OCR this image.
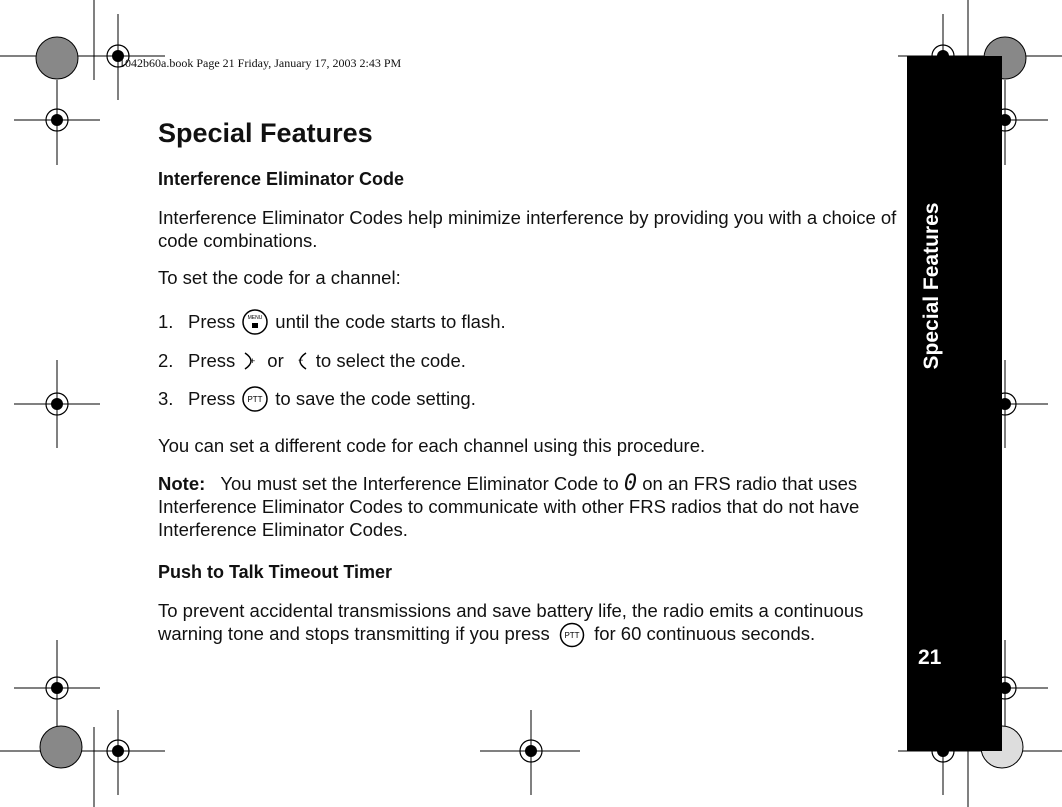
1042b60a.book Page 21 Friday, January 17, 2003 2:43 PM
Special Features
21
Special Features
Interference Eliminator Code
Interference Eliminator Codes help minimize interference by providing you with a choice of code combinations.
To set the code for a channel:
1. Press	MENU until the code starts to flash.
2. Press + or − to select the code.
3. Press PTT to save the code setting.
You can set a different code for each channel using this procedure.
Note: You must set the Interference Eliminator Code to 0 on an FRS radio that uses Interference Eliminator Codes to communicate with other FRS radios that do not have Interference Eliminator Codes.
Push to Talk Timeout Timer
To prevent accidental transmissions and save battery life, the radio emits a continuous warning tone and stops transmitting if you press PTT for 60 continuous seconds.
